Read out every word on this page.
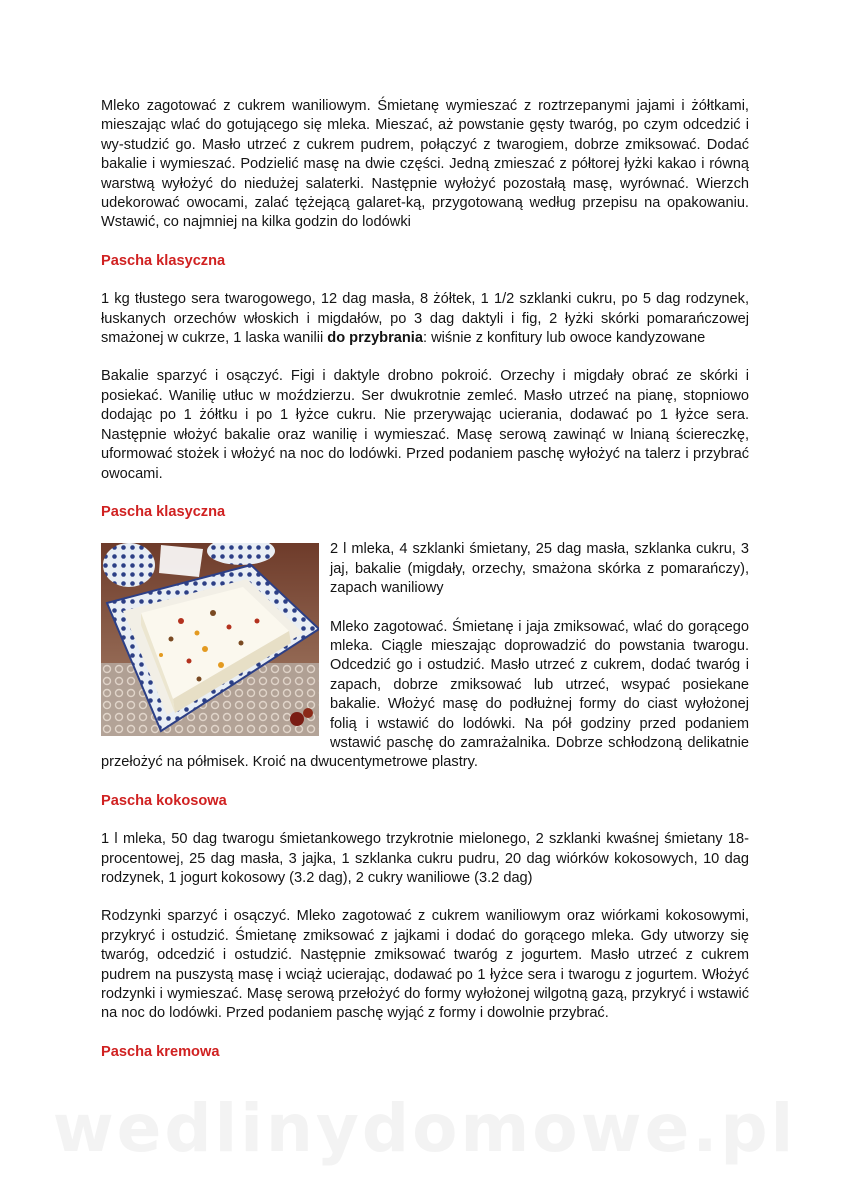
Mleko zagotować z cukrem waniliowym. Śmietanę wymieszać z roztrzepanymi jajami i żółtkami, mieszając wlać do gotującego się mleka. Mieszać, aż powstanie gęsty twaróg, po czym odcedzić i wy-studzić go. Masło utrzeć z cukrem pudrem, połączyć z twarogiem, dobrze zmiksować. Dodać bakalie i wymieszać. Podzielić masę na dwie części. Jedną zmieszać z półtorej łyżki kakao i równą warstwą wyłożyć do niedużej salaterki. Następnie wyłożyć pozostałą masę, wyrównać. Wierzch udekorować owocami, zalać tężejącą galaret-ką, przygotowaną według przepisu na opakowaniu. Wstawić, co najmniej na kilka godzin do lodówki

Pascha klasyczna

1 kg tłustego sera twarogowego, 12 dag masła, 8 żółtek, 1 1/2 szklanki cukru, po 5 dag rodzynek, łuskanych orzechów włoskich i migdałów, po 3 dag daktyli i fig, 2 łyżki skórki pomarańczowej smażonej w cukrze, 1 laska wanilii do przybrania: wiśnie z konfitury lub owoce kandyzowane

Bakalie sparzyć i osączyć. Figi i daktyle drobno pokroić. Orzechy i migdały obrać ze skórki i posiekać. Wanilię utłuc w moździerzu. Ser dwukrotnie zemleć. Masło utrzeć na pianę, stopniowo dodając po 1 żółtku i po 1 łyżce cukru. Nie przerywając ucierania, dodawać po 1 łyżce sera. Następnie włożyć bakalie oraz wanilię i wymieszać. Masę serową zawinąć w lnianą ściereczkę, uformować stożek i włożyć na noc do lodówki. Przed podaniem paschę wyłożyć na talerz i przybrać owocami.

Pascha klasyczna

2 l mleka, 4 szklanki śmietany, 25 dag masła, szklanka cukru, 3 jaj, bakalie (migdały, orzechy, smażona skórka z pomarańczy), zapach waniliowy

Mleko zagotować. Śmietanę i jaja zmiksować, wlać do gorącego mleka. Ciągle mieszając doprowadzić do powstania twarogu. Odcedzić go i ostudzić. Masło utrzeć z cukrem, dodać twaróg i zapach, dobrze zmiksować lub utrzeć, wsypać posiekane bakalie. Włożyć masę do podłużnej formy do ciast wyłożonej folią i wstawić do lodówki. Na pół godziny przed podaniem wstawić paschę do zamrażalnika. Dobrze schłodzoną delikatnie przełożyć na półmisek. Kroić na dwucentymetrowe plastry.

Pascha kokosowa

1 l mleka, 50 dag twarogu śmietankowego trzykrotnie mielonego, 2 szklanki kwaśnej śmietany 18-procentowej, 25 dag masła, 3 jajka, 1 szklanka cukru pudru, 20 dag wiórków kokosowych, 10 dag rodzynek, 1 jogurt kokosowy (3.2 dag), 2 cukry waniliowe (3.2 dag)

Rodzynki sparzyć i osączyć. Mleko zagotować z cukrem waniliowym oraz wiórkami kokosowymi, przykryć i ostudzić. Śmietanę zmiksować z jajkami i dodać do gorącego mleka. Gdy utworzy się twaróg, odcedzić i ostudzić. Następnie zmiksować twaróg z jogurtem. Masło utrzeć z cukrem pudrem na puszystą masę i wciąż ucierając, dodawać po 1 łyżce sera i twarogu z jogurtem. Włożyć rodzynki i wymieszać. Masę serową przełożyć do formy wyłożonej wilgotną gazą, przykryć i wstawić na noc do lodówki. Przed podaniem paschę wyjąć z formy i dowolnie przybrać.

Pascha kremowa

wedlinydomowe.pl
